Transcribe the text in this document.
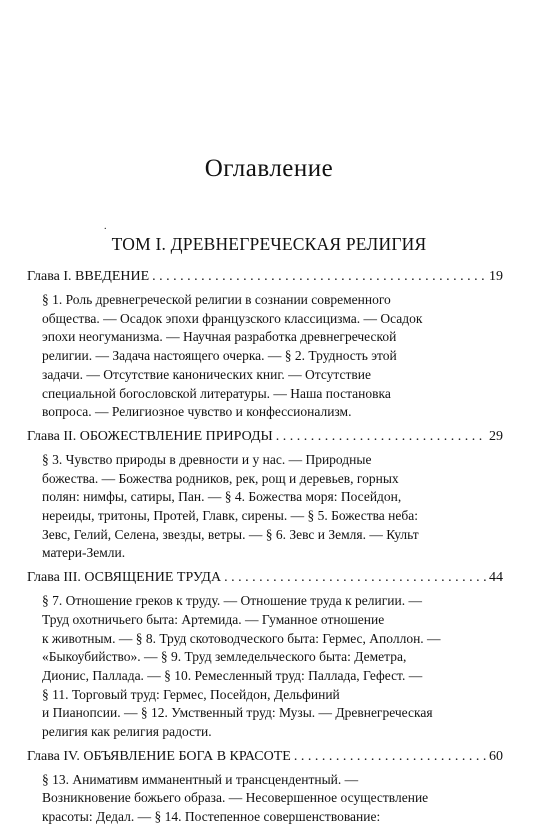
Оглавление
.
ТОМ I. ДРЕВНЕГРЕЧЕСКАЯ РЕЛИГИЯ
Глава I. ВВЕДЕНИЕ . . .	19
§ 1. Роль древнегреческой религии в сознании современного
общества. — Осадок эпохи французского классицизма. — Осадок
эпохи неогуманизма. — Научная разработка древнегреческой
религии. — Задача настоящего очерка. — § 2. Трудность этой
задачи. — Отсутствие канонических книг. — Отсутствие
специальной богословской литературы. — Наша постановка
вопроса. — Религиозное чувство и конфессионализм.
Глава II. ОБОЖЕСТВЛЕНИЕ ПРИРОДЫ . . .	29
§ 3. Чувство природы в древности и у нас. — Природные
божества. — Божества родников, рек, рощ и деревьев, горных
полян: нимфы, сатиры, Пан. — § 4. Божества моря: Посейдон,
нереиды, тритоны, Протей, Главк, сирены. — § 5. Божества неба:
Зевс, Гелий, Селена, звезды, ветры. — § 6. Зевс и Земля. — Культ
матери-Земли.
Глава III. ОСВЯЩЕНИЕ ТРУДА . . .	44
§ 7. Отношение греков к труду. — Отношение труда к религии. —
Труд охотничьего быта: Артемида. — Гуманное отношение
к животным. — § 8. Труд скотоводческого быта: Гермес, Аполлон. —
«Быкоубийство». — § 9. Труд земледельческого быта: Деметра,
Дионис, Паллада. — § 10. Ремесленный труд: Паллада, Гефест. —
§ 11. Торговый труд: Гермес, Посейдон, Дельфиний
и Пианопсии. — § 12. Умственный труд: Музы. — Древнегреческая
религия как религия радости.
Глава IV. ОБЪЯВЛЕНИЕ БОГА В КРАСОТЕ . . .	60
§ 13. Анимативм имманентный и трансцендентный. —
Возникновение божьего образа. — Несовершенное осуществление
красоты: Дедал. — § 14. Постепенное совершенствование:
